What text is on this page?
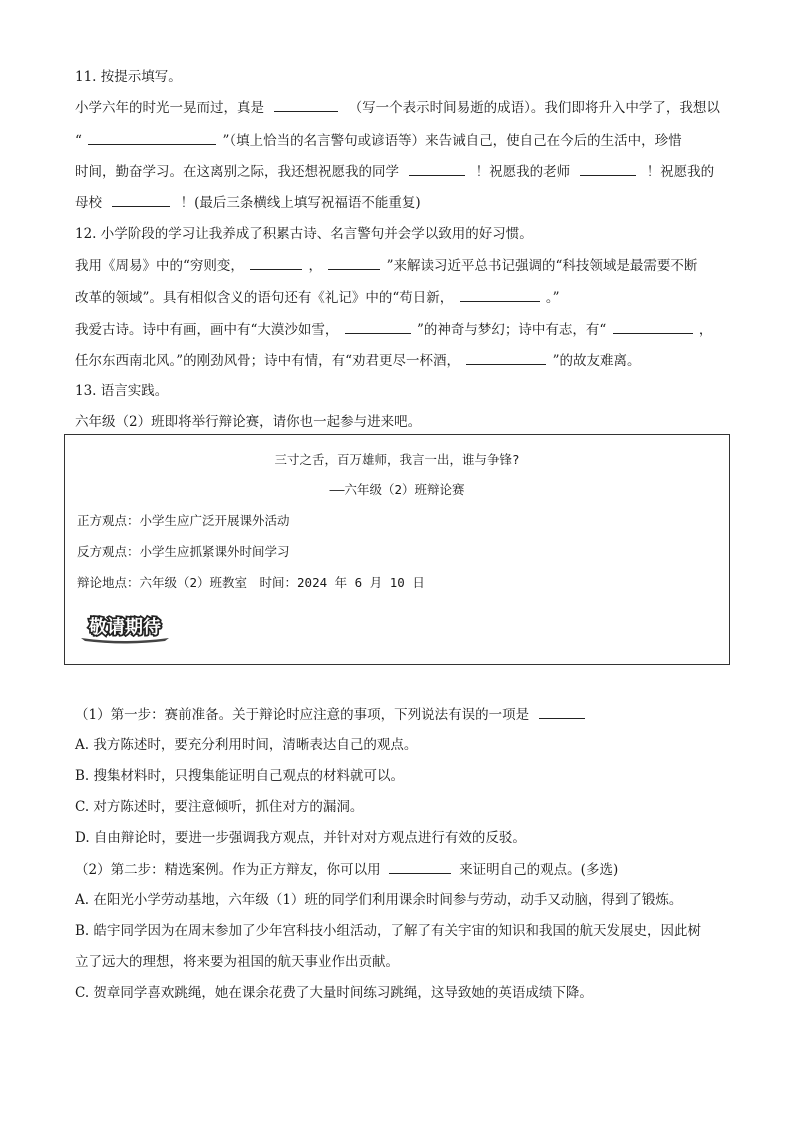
11. 按提示填写。
小学六年的时光一晃而过，真是	（写一个表示时间易逝的成语）。我们即将升入中学了，我想以
“	”（填上恰当的名言警句或谚语等）来告诫自己，使自己在今后的生活中，珍惜
时间，勤奋学习。在这离别之际，我还想祝愿我的同学	！祝愿我的老师	！祝愿我的
母校	！(最后三条横线上填写祝福语不能重复)
12. 小学阶段的学习让我养成了积累古诗、名言警句并会学以致用的好习惯。
我用《周易》中的“穷则变，	，	”来解读习近平总书记强调的“科技领域是最需要不断
改革的领域”。具有相似含义的语句还有《礼记》中的“苟日新，	。”
我爱古诗。诗中有画，画中有“大漠沙如雪，	”的神奇与梦幻；诗中有志，有“	，
任尔东西南北风。”的刚劲风骨；诗中有情，有“劝君更尽一杯酒，	”的故友难离。
13. 语言实践。
六年级（2）班即将举行辩论赛，请你也一起参与进来吧。
三寸之舌，百万雄师，我言一出，谁与争锋?
——六年级（2）班辩论赛
正方观点：小学生应广泛开展课外活动
反方观点：小学生应抓紧课外时间学习
辩论地点：六年级（2）班教室　时间：2024 年 6 月 10 日
敬请期待
（1）第一步：赛前准备。关于辩论时应注意的事项，下列说法有误的一项是
A. 我方陈述时，要充分利用时间，清晰表达自己的观点。
B. 搜集材料时，只搜集能证明自己观点的材料就可以。
C. 对方陈述时，要注意倾听，抓住对方的漏洞。
D. 自由辩论时，要进一步强调我方观点，并针对对方观点进行有效的反驳。
（2）第二步：精选案例。作为正方辩友，你可以用	来证明自己的观点。(多选)
A. 在阳光小学劳动基地，六年级（1）班的同学们利用课余时间参与劳动，动手又动脑，得到了锻炼。
B. 皓宇同学因为在周末参加了少年宫科技小组活动，了解了有关宇宙的知识和我国的航天发展史，因此树
立了远大的理想，将来要为祖国的航天事业作出贡献。
C. 贺章同学喜欢跳绳，她在课余花费了大量时间练习跳绳，这导致她的英语成绩下降。
